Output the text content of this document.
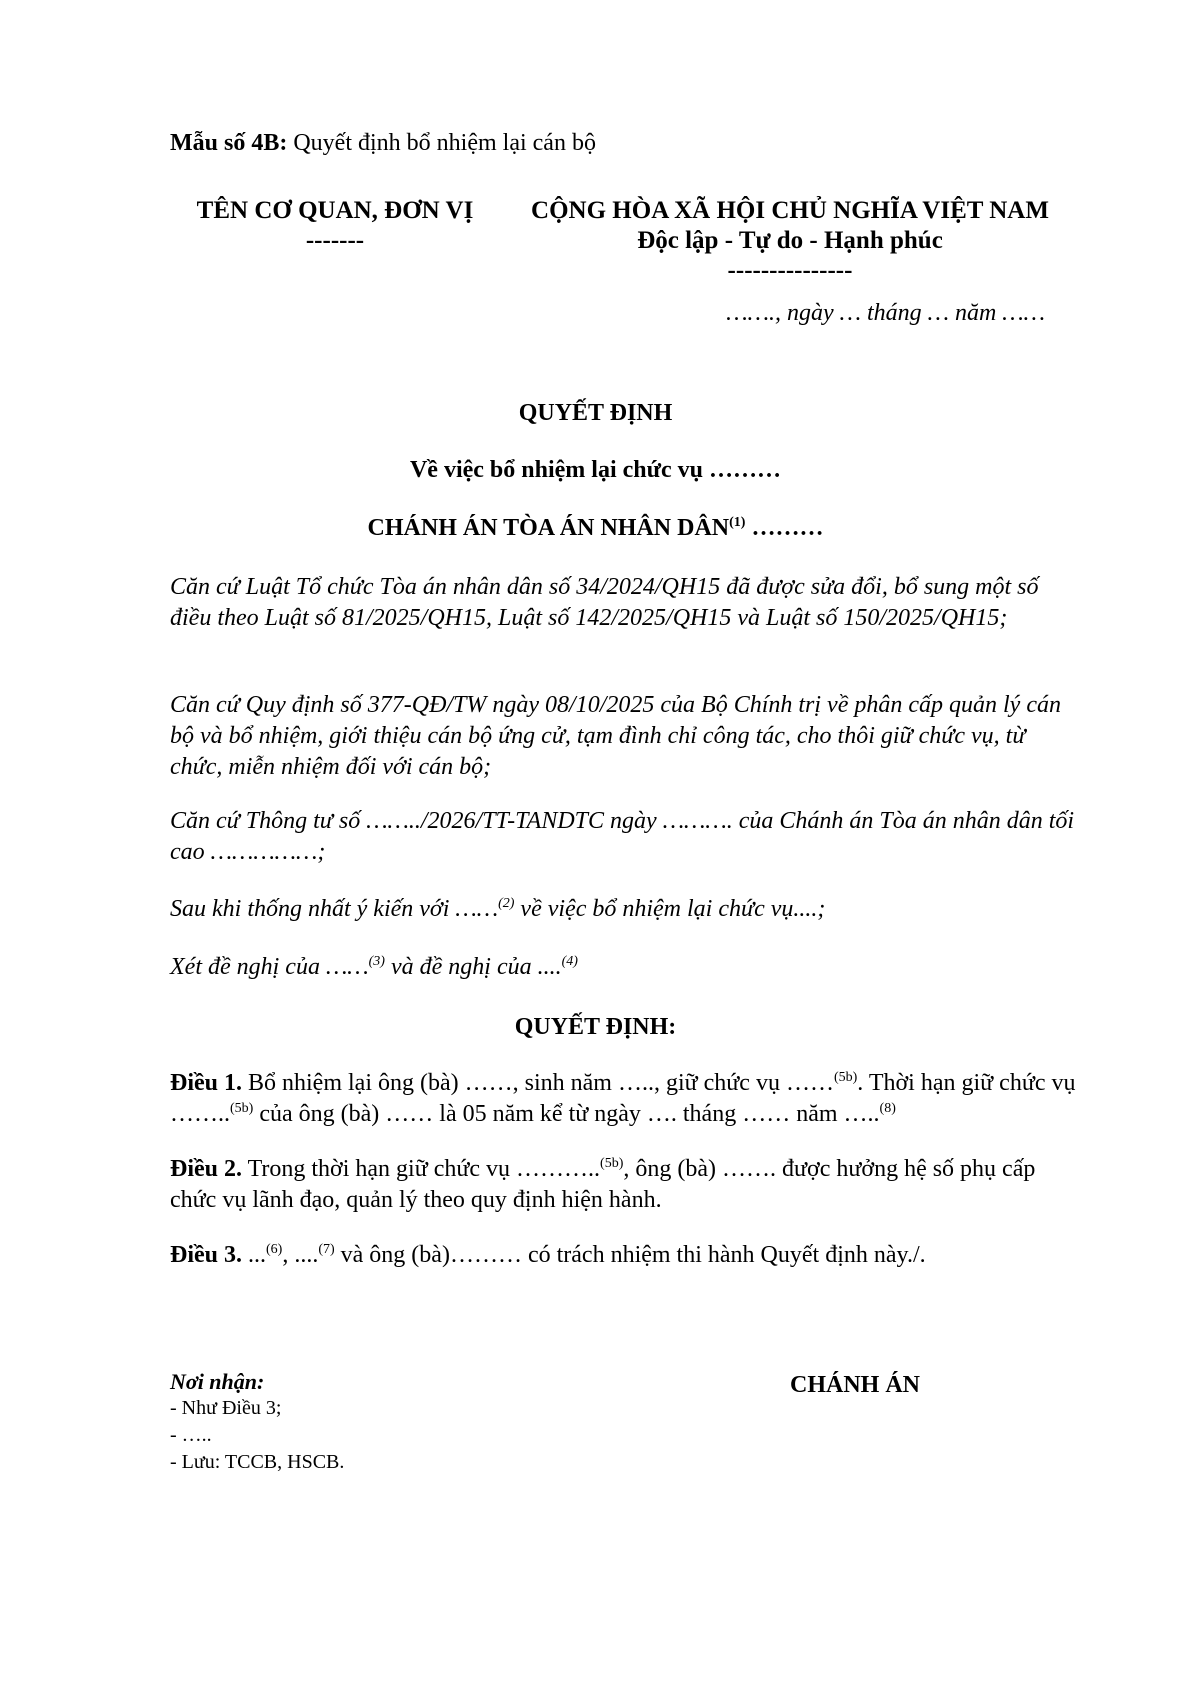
Mẫu số 4B: Quyết định bổ nhiệm lại cán bộ
TÊN CƠ QUAN, ĐƠN VỊ
-------
CỘNG HÒA XÃ HỘI CHỦ NGHĨA VIỆT NAM
Độc lập - Tự do - Hạnh phúc
---------------
……., ngày … tháng … năm ……
QUYẾT ĐỊNH
Về việc bổ nhiệm lại chức vụ ………
CHÁNH ÁN TÒA ÁN NHÂN DÂN$^{(1)}$ ………
Căn cứ Luật Tổ chức Tòa án nhân dân số 34/2024/QH15 đã được sửa đổi, bổ sung một số điều theo Luật số 81/2025/QH15, Luật số 142/2025/QH15 và Luật số 150/2025/QH15;
Căn cứ Quy định số 377-QĐ/TW ngày 08/10/2025 của Bộ Chính trị về phân cấp quản lý cán bộ và bổ nhiệm, giới thiệu cán bộ ứng cử, tạm đình chỉ công tác, cho thôi giữ chức vụ, từ chức, miễn nhiệm đối với cán bộ;
Căn cứ Thông tư số ……../2026/TT-TANDTC ngày ………. của Chánh án Tòa án nhân dân tối cao ……………;
Sau khi thống nhất ý kiến với ……$^{(2)}$ về việc bổ nhiệm lại chức vụ....;
Xét đề nghị của ……$^{(3)}$ và đề nghị của ....$^{(4)}$
QUYẾT ĐỊNH:
Điều 1. Bổ nhiệm lại ông (bà) ……, sinh năm ….., giữ chức vụ ……$^{(5b)}$. Thời hạn giữ chức vụ ……..$^{(5b)}$ của ông (bà) …… là 05 năm kể từ ngày …. tháng …… năm …..$^{(8)}$
Điều 2. Trong thời hạn giữ chức vụ ………..$^{(5b)}$, ông (bà) ……. được hưởng hệ số phụ cấp chức vụ lãnh đạo, quản lý theo quy định hiện hành.
Điều 3. ...$^{(6)}$, ....$^{(7)}$ và ông (bà)……… có trách nhiệm thi hành Quyết định này./.
Nơi nhận:
- Như Điều 3;
- …..
- Lưu: TCCB, HSCB.
CHÁNH ÁN
